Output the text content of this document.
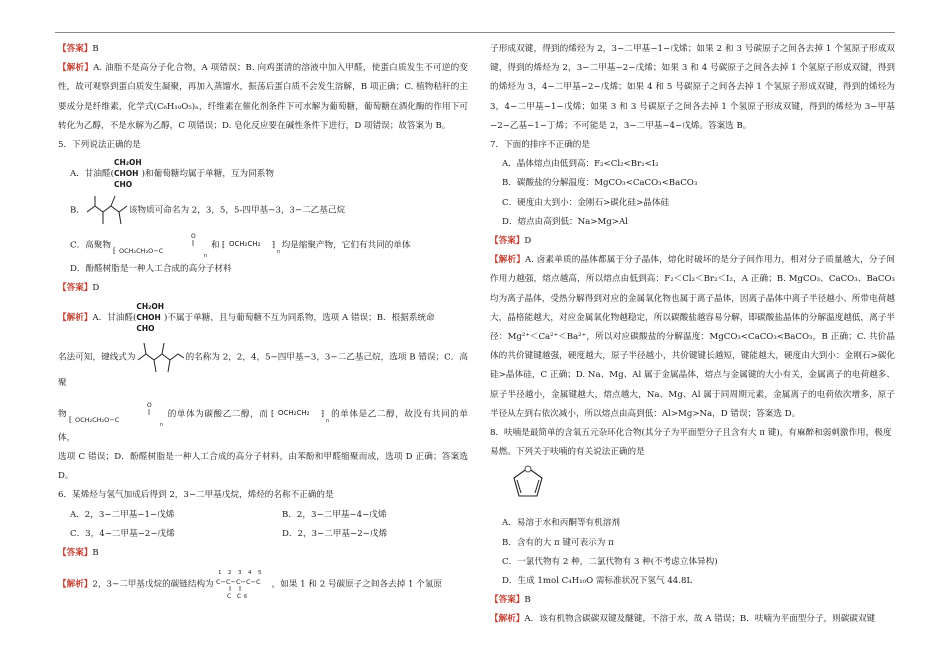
【答案】B

【解析】A. 油脂不是高分子化合物，A 项错误；B. 向鸡蛋清的溶液中加入甲醛，使蛋白质发生不可逆的变性，故可观察到蛋白质发生凝聚，再加入蒸馏水，振荡后蛋白质不会发生溶解，B 项正确；C. 植物秸秆的主要成分是纤维素，化学式(C₆H₁₀O₅)ₙ，纤维素在催化剂条件下可水解为葡萄糖，葡萄糖在酒化酶的作用下可转化为乙醇，不是水解为乙醇，C 项错误；D. 皂化反应要在碱性条件下进行，D 项错误；故答案为 B。

5．下列说法正确的是

A．甘油醛(
CH₂OH
CHOH
CHO
)和葡萄糖均属于单糖，互为同系物

B．	该物质可命名为 2，3，5，5-四甲基−3，3−二乙基己烷

C．高聚物
⁅ OCH₂CH₂O−C
O
n
和 ⁅ OCH₂CH₂ ⁆
n
均是缩聚产物，它们有共同的单体

D．酚醛树脂是一种人工合成的高分子材料

【答案】D

【解析】A．甘油醛(
CH₂OH
CHOH
CHO
)不属于单糖，且与葡萄糖不互为同系物，选项 A 错误；B．根据系统命

名法可知，键线式为	的名称为 2，2，4，5−四甲基−3，3−二乙基己烷，选项 B 错误；C．高聚

物
⁅ OCH₂CH₂O−C
O
n
的单体为碳酸乙二醇，而 ⁅ OCH₂CH₂ ⁆
n
的单体是乙二醇，故没有共同的单体，

选项 C 错误；D．酚醛树脂是一种人工合成的高分子材料，由苯酚和甲醛缩聚而成，选项 D 正确；答案选 D。

6．某烯烃与氢气加成后得到 2，3−二甲基戊烷，烯烃的名称不正确的是

A．2，3−二甲基−1−戊烯	B．2，3−二甲基−4−戊烯
C．3，4−二甲基−2−戊烯	D．2，3−二甲基−2−戊烯

【答案】B

【解析】2，3−二甲基戊烷的碳链结构为
1 2 3 4 5
C−C−C−C−C
C C 6
，如果 1 和 2 号碳原子之间各去掉 1 个氢原

子形成双键，得到的烯烃为 2，3−二甲基−1−戊烯；如果 2 和 3 号碳原子之间各去掉 1 个氢原子形成双键，得到的烯烃为 2，3−二甲基−2−戊烯；如果 3 和 4 号碳原子之间各去掉 1 个氢原子形成双键，得到的烯烃为 3，4−二甲基−2−戊烯；如果 4 和 5 号碳原子之间各去掉 1 个氢原子形成双键，得到的烯烃为 3，4−二甲基−1−戊烯；如果 3 和 3 号碳原子之间各去掉 1 个氢原子形成双键，得到的烯烃为 3−甲基−2−乙基−1−丁烯；不可能是 2，3−二甲基−4−戊烯。答案选 B。

7．下面的排序不正确的是

A．晶体熔点由低到高：F₂<Cl₂<Br₂<I₂

B．碳酸盐的分解温度：MgCO₃<CaCO₃<BaCO₃

C．硬度由大到小：金刚石>碳化硅>晶体硅

D．熔点由高到低：Na>Mg>Al

【答案】D

【解析】A. 卤素单质的晶体都属于分子晶体，熔化时破坏的是分子间作用力，相对分子质量越大，分子间作用力越强，熔点越高，所以熔点由低到高：F₂＜Cl₂＜Br₂＜I₂，A 正确；B. MgCO₃、CaCO₃、BaCO₃ 均为离子晶体，受热分解得到对应的金属氧化物也属于离子晶体，因离子晶体中离子半径越小、所带电荷越大，晶格能越大，对应金属氧化物越稳定，所以碳酸盐越容易分解，即碳酸盐晶体的分解温度越低，离子半径：Mg²⁺＜Ca²⁺＜Ba²⁺，所以对应碳酸盐的分解温度：MgCO₃<CaCO₃<BaCO₃，B 正确；C. 共价晶体的共价键键越强，硬度越大，原子半径越小，共价键键长越短，键能越大，硬度由大到小：金刚石>碳化硅>晶体硅，C 正确；D. Na、Mg、Al 属于金属晶体，熔点与金属键的大小有关，金属离子的电荷越多、原子半径越小，金属键越大，熔点越大，Na、Mg、Al 属于同周期元素，金属离子的电荷依次增多，原子半径从左到右依次减小，所以熔点由高到低：Al>Mg>Na，D 错误；答案选 D。

8．呋喃是最简单的含氧五元杂环化合物(其分子为平面型分子且含有大 π 键)，有麻醉和弱刺激作用，极度易燃。下列关于呋喃的有关说法正确的是

A．易溶于水和丙酮等有机溶剂

B．含有的大 π 键可表示为 π

C．一氯代物有 2 种，二氯代物有 3 种(不考虑立体异构)

D．生成 1mol C₄H₁₀O 需标准状况下氢气 44.8L

【答案】B

【解析】A．该有机物含碳碳双键及醚键，不溶于水，故 A 错误；B．呋喃为平面型分子，则碳碳双键
